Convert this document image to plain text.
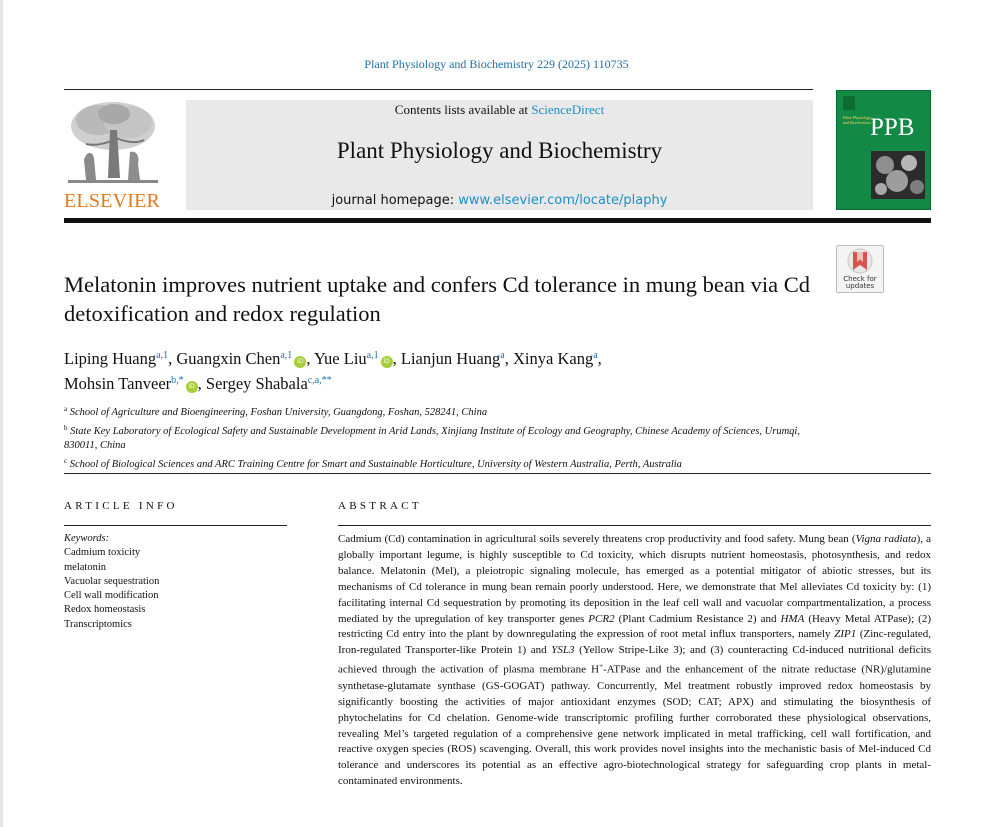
Plant Physiology and Biochemistry 229 (2025) 110735
ELSEVIER
Contents lists available at ScienceDirect
Plant Physiology and Biochemistry
journal homepage: www.elsevier.com/locate/plaphy
Plant Physiology and Biochemistry
PPB
Check for
updates
Melatonin improves nutrient uptake and confers Cd tolerance in mung bean via Cd detoxification and redox regulation
Liping Huang$^{a,1}$, Guangxin Chen$^{a,1}$iD , Yue Liu$^{a,1}$iD , Lianjun Huang$^a$, Xinya Kang$^a$,
Mohsin Tanveer$^{b,*}$iD , Sergey Shabala$^{c,a,**}$
$^a$ School of Agriculture and Bioengineering, Foshan University, Guangdong, Foshan, 528241, China
$^b$ State Key Laboratory of Ecological Safety and Sustainable Development in Arid Lands, Xinjiang Institute of Ecology and Geography, Chinese Academy of Sciences, Urumqi, 830011, China
$^c$ School of Biological Sciences and ARC Training Centre for Smart and Sustainable Horticulture, University of Western Australia, Perth, Australia
ARTICLE INFO
Keywords:
Cadmium toxicity
melatonin
Vacuolar sequestration
Cell wall modification
Redox homeostasis
Transcriptomics
ABSTRACT
Cadmium (Cd) contamination in agricultural soils severely threatens crop productivity and food safety. Mung bean (Vigna radiata), a globally important legume, is highly susceptible to Cd toxicity, which disrupts nutrient homeostasis, photosynthesis, and redox balance. Melatonin (Mel), a pleiotropic signaling molecule, has emerged as a potential mitigator of abiotic stresses, but its mechanisms of Cd tolerance in mung bean remain poorly understood. Here, we demonstrate that Mel alleviates Cd toxicity by: (1) facilitating internal Cd sequestration by promoting its deposition in the leaf cell wall and vacuolar compartmentalization, a process mediated by the upregulation of key transporter genes PCR2 (Plant Cadmium Resistance 2) and HMA (Heavy Metal ATPase); (2) restricting Cd entry into the plant by downregulating the expression of root metal influx transporters, namely ZIP1 (Zinc-regulated, Iron-regulated Transporter-like Protein 1) and YSL3 (Yellow Stripe-Like 3); and (3) counteracting Cd-induced nutritional deficits achieved through the activation of plasma membrane H+-ATPase and the enhancement of the nitrate reductase (NR)/glutamine synthetase-glutamate synthase (GS-GOGAT) pathway. Concurrently, Mel treatment robustly improved redox homeostasis by significantly boosting the activities of major antioxidant enzymes (SOD; CAT; APX) and stimulating the biosynthesis of phytochelatins for Cd chelation. Genome-wide transcriptomic profiling further corroborated these physiological observations, revealing Mel’s targeted regulation of a comprehensive gene network implicated in metal trafficking, cell wall fortification, and reactive oxygen species (ROS) scavenging. Overall, this work provides novel insights into the mechanistic basis of Mel-induced Cd tolerance and underscores its potential as an effective agro-biotechnological strategy for safeguarding crop plants in metal-contaminated environments.
